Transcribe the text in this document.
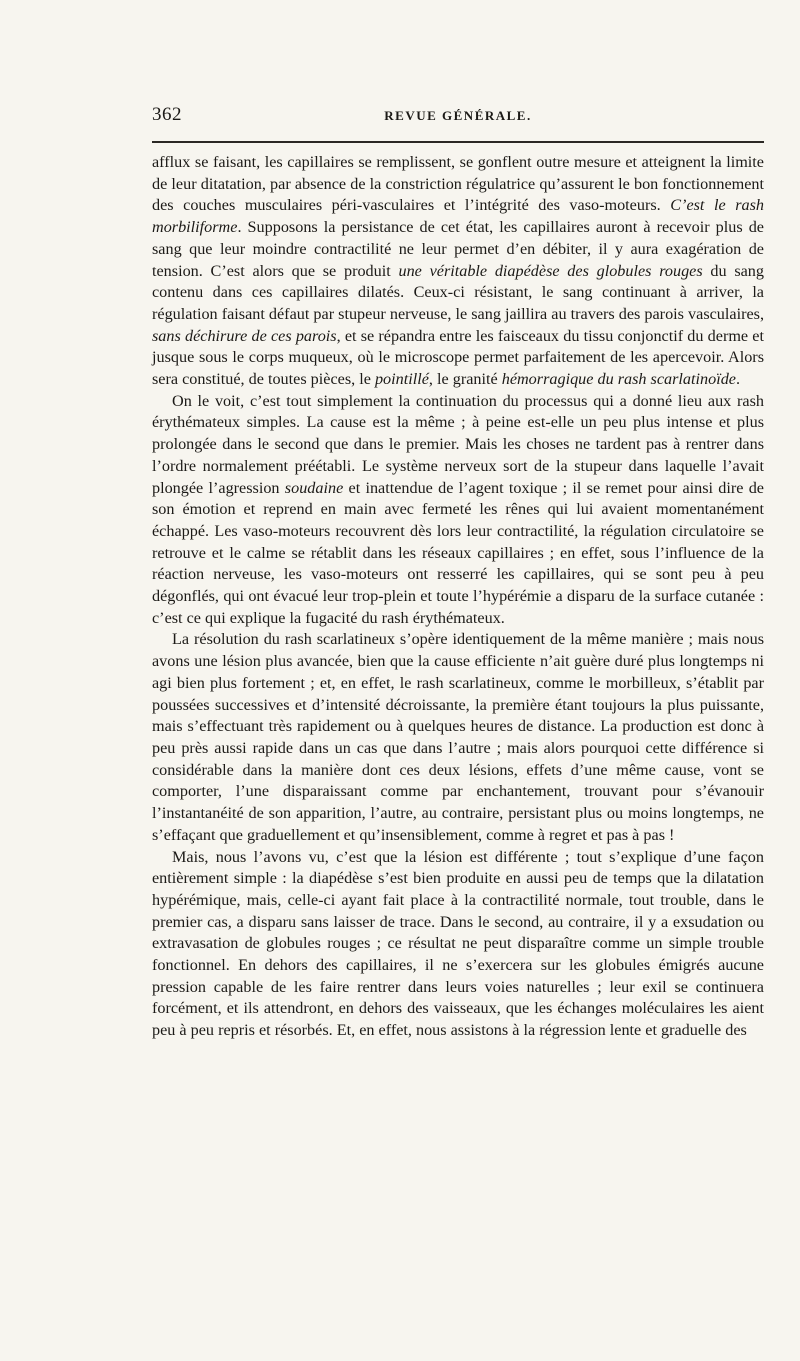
362	REVUE GÉNÉRALE.

afflux se faisant, les capillaires se remplissent, se gonflent outre mesure et atteignent la limite de leur ditatation, par absence de la constriction régulatrice qu’assurent le bon fonctionnement des couches musculaires péri-vasculaires et l’intégrité des vaso-moteurs. C’est le rash morbiliforme. Supposons la persistance de cet état, les capillaires auront à recevoir plus de sang que leur moindre contractilité ne leur permet d’en débiter, il y aura exagération de tension. C’est alors que se produit une véritable diapédèse des globules rouges du sang contenu dans ces capillaires dilatés. Ceux-ci résistant, le sang continuant à arriver, la régulation faisant défaut par stupeur nerveuse, le sang jaillira au travers des parois vasculaires, sans déchirure de ces parois, et se répandra entre les faisceaux du tissu conjonctif du derme et jusque sous le corps muqueux, où le microscope permet parfaitement de les apercevoir. Alors sera constitué, de toutes pièces, le pointillé, le granité hémorragique du rash scarlatinoïde.

On le voit, c’est tout simplement la continuation du processus qui a donné lieu aux rash érythémateux simples. La cause est la même ; à peine est-elle un peu plus intense et plus prolongée dans le second que dans le premier. Mais les choses ne tardent pas à rentrer dans l’ordre normalement préétabli. Le système nerveux sort de la stupeur dans laquelle l’avait plongée l’agression soudaine et inattendue de l’agent toxique ; il se remet pour ainsi dire de son émotion et reprend en main avec fermeté les rênes qui lui avaient momentanément échappé. Les vaso-moteurs recouvrent dès lors leur contractilité, la régulation circulatoire se retrouve et le calme se rétablit dans les réseaux capillaires ; en effet, sous l’influence de la réaction nerveuse, les vaso-moteurs ont resserré les capillaires, qui se sont peu à peu dégonflés, qui ont évacué leur trop-plein et toute l’hypérémie a disparu de la surface cutanée : c’est ce qui explique la fugacité du rash érythémateux.

La résolution du rash scarlatineux s’opère identiquement de la même manière ; mais nous avons une lésion plus avancée, bien que la cause efficiente n’ait guère duré plus longtemps ni agi bien plus fortement ; et, en effet, le rash scarlatineux, comme le morbilleux, s’établit par poussées successives et d’intensité décroissante, la première étant toujours la plus puissante, mais s’effectuant très rapidement ou à quelques heures de distance. La production est donc à peu près aussi rapide dans un cas que dans l’autre ; mais alors pourquoi cette différence si considérable dans la manière dont ces deux lésions, effets d’une même cause, vont se comporter, l’une disparaissant comme par enchantement, trouvant pour s’évanouir l’instantanéité de son apparition, l’autre, au contraire, persistant plus ou moins longtemps, ne s’effaçant que graduellement et qu’insensiblement, comme à regret et pas à pas !

Mais, nous l’avons vu, c’est que la lésion est différente ; tout s’explique d’une façon entièrement simple : la diapédèse s’est bien produite en aussi peu de temps que la dilatation hypérémique, mais, celle-ci ayant fait place à la contractilité normale, tout trouble, dans le premier cas, a disparu sans laisser de trace. Dans le second, au contraire, il y a exsudation ou extravasation de globules rouges ; ce résultat ne peut disparaître comme un simple trouble fonctionnel. En dehors des capillaires, il ne s’exercera sur les globules émigrés aucune pression capable de les faire rentrer dans leurs voies naturelles ; leur exil se continuera forcément, et ils attendront, en dehors des vaisseaux, que les échanges moléculaires les aient peu à peu repris et résorbés. Et, en effet, nous assistons à la régression lente et graduelle des
